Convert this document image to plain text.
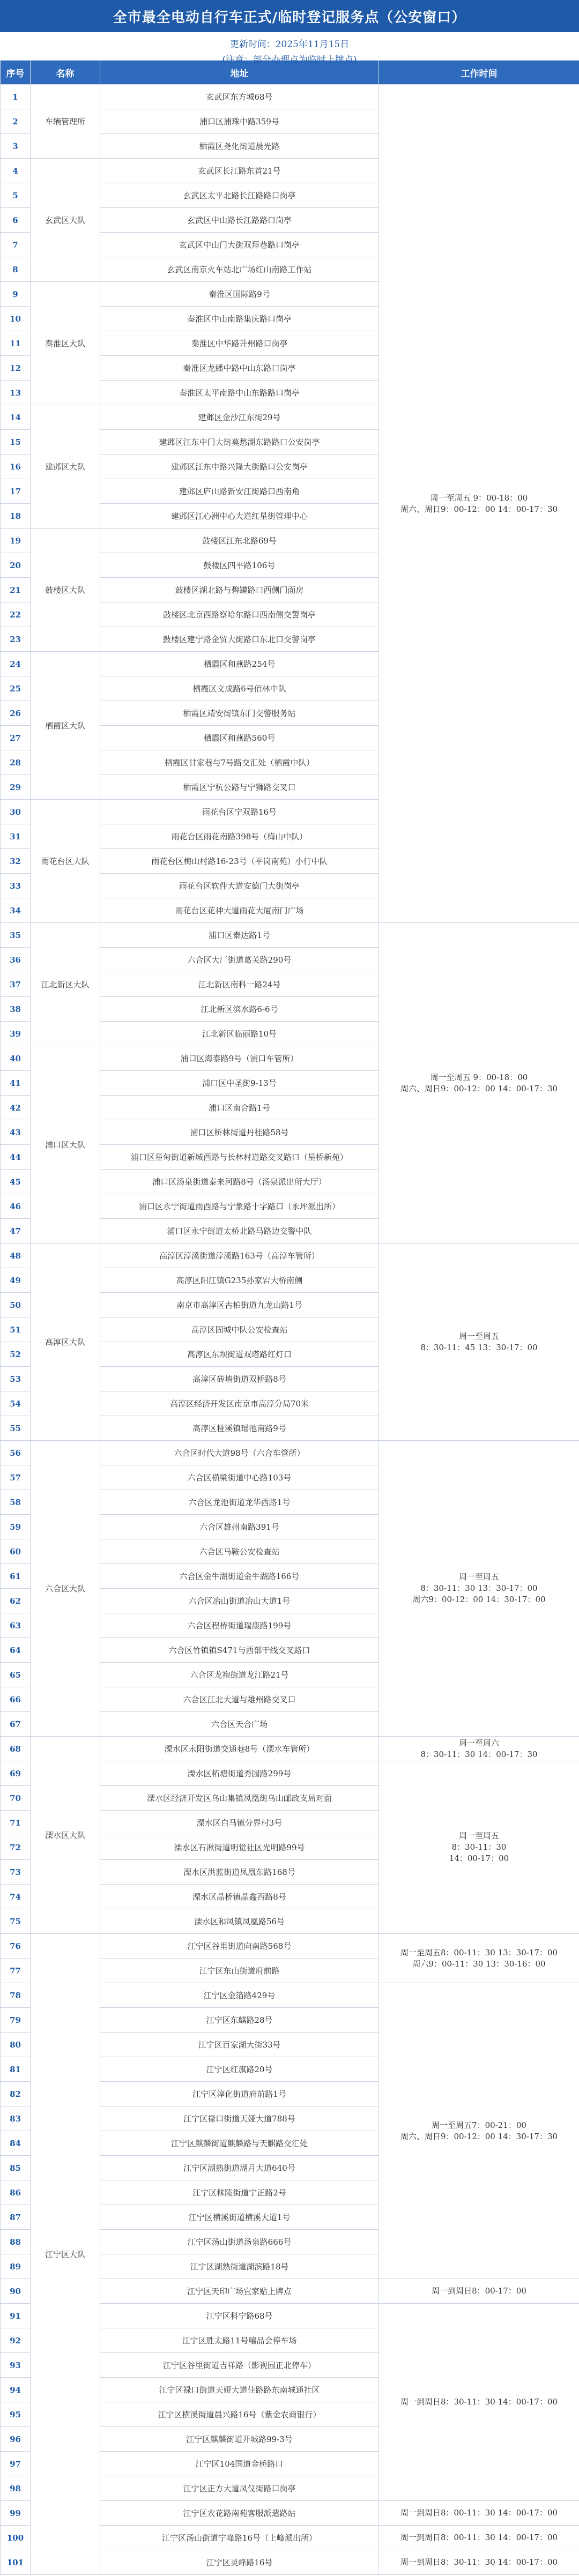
全市最全电动自行车正式/临时登记服务点（公安窗口）
更新时间：2025年11月15日
(注意：部分办理点为临时上牌点)
序号	名称	地址	工作时间
1	车辆管理所	玄武区东方城68号	周一至周五 9：00-18：00
周六、周日9：00-12：00 14：00-17：30
2		浦口区浦珠中路359号	
3		栖霞区尧化街道晨光路	
4	玄武区大队	玄武区长江路东首21号	
5		玄武区太平北路长江路路口岗亭	
6		玄武区中山路长江路路口岗亭	
7		玄武区中山门大街双拜巷路口岗亭	
8		玄武区南京火车站北广场红山南路工作站	
9	秦淮区大队	秦淮区国际路9号	
10		秦淮区中山南路集庆路口岗亭	
11		秦淮区中华路升州路口岗亭	
12		秦淮区龙蟠中路中山东路口岗亭	
13		秦淮区太平南路中山东路路口岗亭	
14	建邺区大队	建邺区金沙江东街29号	
15		建邺区江东中门大街莫愁湖东路路口公安岗亭	
16		建邺区江东中路兴隆大街路口公安岗亭	
17		建邺区庐山路新安江街路口西南角	
18		建邺区江心洲中心大道红星街管理中心	
19	鼓楼区大队	鼓楼区江东北路69号	
20		鼓楼区四平路106号	
21		鼓楼区湖北路与碧罐路口西侧门面房	
22		鼓楼区北京西路察哈尔路口西南侧交警岗亭	
23		鼓楼区建宁路金贸大街路口东北口交警岗亭	
24	栖霞区大队	栖霞区和燕路254号	
25		栖霞区文成路6号佰林中队	
26		栖霞区靖安街镇东门交警服务站	
27		栖霞区和燕路560号	
28		栖霞区甘家巷与7号路交汇处（栖霞中队）	
29		栖霞区宁杭公路与宁狮路交叉口	
30	雨花台区大队	雨花台区宁双路16号	
31		雨花台区雨花南路398号（梅山中队）	
32		雨花台区梅山村路16-23号（平岗南苑）小行中队	
33		雨花台区软件大道安德门大街岗亭	
34		雨花台区花神大道雨花大厦南门广场	
35	江北新区大队	浦口区泰达路1号	周一至周五 9：00-18：00
周六、周日9：00-12：00 14：00-17：30
36		六合区大厂街道葛关路290号	
37		江北新区南科一路24号	
38		江北新区滨水路6-6号	
39		江北新区临丽路10号	
40	浦口区大队	浦口区海泰路9号（浦口车管所）	
41		浦口区中圣街9-13号	
42		浦口区南合路1号	
43		浦口区桥林街道丹桂路58号	
44		浦口区星甸街道新城西路与长林村道路交叉路口（星桥新苑）	
45		浦口区汤泉街道泰来河路8号（汤泉派出所大厅）	
46		浦口区永宁街道雨西路与宁象路十字路口（永坪派出所）	
47		浦口区永宁街道太桥北路马路边交警中队	
48	高淳区大队	高淳区淳溪街道淳溪路163号（高淳车管所）	周一至周五
8：30-11：45 13：30-17：00
49		高淳区阳江镇G235孙家宕大桥南侧	
50		南京市高淳区古柏街道九龙山路1号	
51		高淳区固城中队公安检查站	
52		高淳区东坝街道双塔路红灯口	
53		高淳区砖墙街道双桥路8号	
54		高淳区经济开发区南京市高淳分局70米	
55		高淳区桠溪镇瑶池南路9号	
56	六合区大队	六合区时代大道98号（六合车管所）	周一至周五
8：30-11：30 13：30-17：00
周六9：00-12：00 14：30-17：00
57		六合区横梁街道中心路103号	
58		六合区龙池街道龙华西路1号	
59		六合区雄州南路391号	
60		六合区马鞍公安检查站	
61		六合区金牛湖街道金牛湖路166号	
62		六合区冶山街道冶山大道1号	
63		六合区程桥街道瑞康路199号	
64		六合区竹镇镇S471与西部干线交叉路口	
65		六合区龙袍街道龙江路21号	
66		六合区江北大道与雄州路交叉口	
67		六合区天合广场	
68	溧水区大队	溧水区永阳街道交通巷8号（溧水车管所）	周一至周六
8：30-11：30 14：00-17：30
69		溧水区柘塘街道秀园路299号	周一至周五
8：30-11：30
14：00-17：00
70		溧水区经济开发区乌山集镇凤凰街乌山邮政支局对面	
71		溧水区白马镇分界村3号	
72		溧水区石湫街道明觉社区光明路99号	
73		溧水区洪蓝街道凤凰东路168号	
74		溧水区晶桥镇晶鑫西路8号	
75		溧水区和凤镇凤凰路56号	
76	江宁区大队	江宁区谷里街道向南路568号	周一至周五8：00-11：30 13：30-17：00
周六9：00-11：30 13：30-16：00
77		江宁区东山街道府前路	
78		江宁区金箔路429号	周一至周五7：00-21：00
周六、周日9：00-12：00 14：30-17：30
79		江宁区东麒路28号	
80		江宁区百家湖大街33号	
81		江宁区红旗路20号	
82		江宁区淳化街道府前路1号	
83		江宁区禄口街道天娅大道788号	
84		江宁区麒麟街道麒麟路与天麒路交汇处	
85		江宁区湖熟街道湖月大道640号	
86		江宁区秣陵街道宁正路2号	
87		江宁区横溪街道横溪大道1号	
88		江宁区汤山街道汤泉路666号	
89		江宁区湖熟街道湖滨路18号	
90		江宁区天印广场宜家贴上牌点	周一到周日8：00-17：00
91		江宁区科宁路68号	周一到周日8：30-11：30 14：00-17：00
92		江宁区胜太路11号嘻品会停车场	
93		江宁区谷里街道吉祥路（影视园正北停车）	
94		江宁区禄口街道天娅大道佳路路东南城通社区	
95		江宁区横溪街道晨兴路16号（紫金农商银行）	
96		江宁区麒麟街道开城路99-3号	
97		江宁区104国道金桥路口	
98		江宁区正方大道凤仪街路口岗亭	
99		江宁区农花路南苑客服派遣路站	周一到周日8：00-11：30 14：00-17：00
100		江宁区汤山街道宁峰路16号（上峰派出所）	周一到周日8：00-11：30 14：00-17：00
101		江宁区灵峰路16号	周一到周日8：30-11：30 14：00-17：00
